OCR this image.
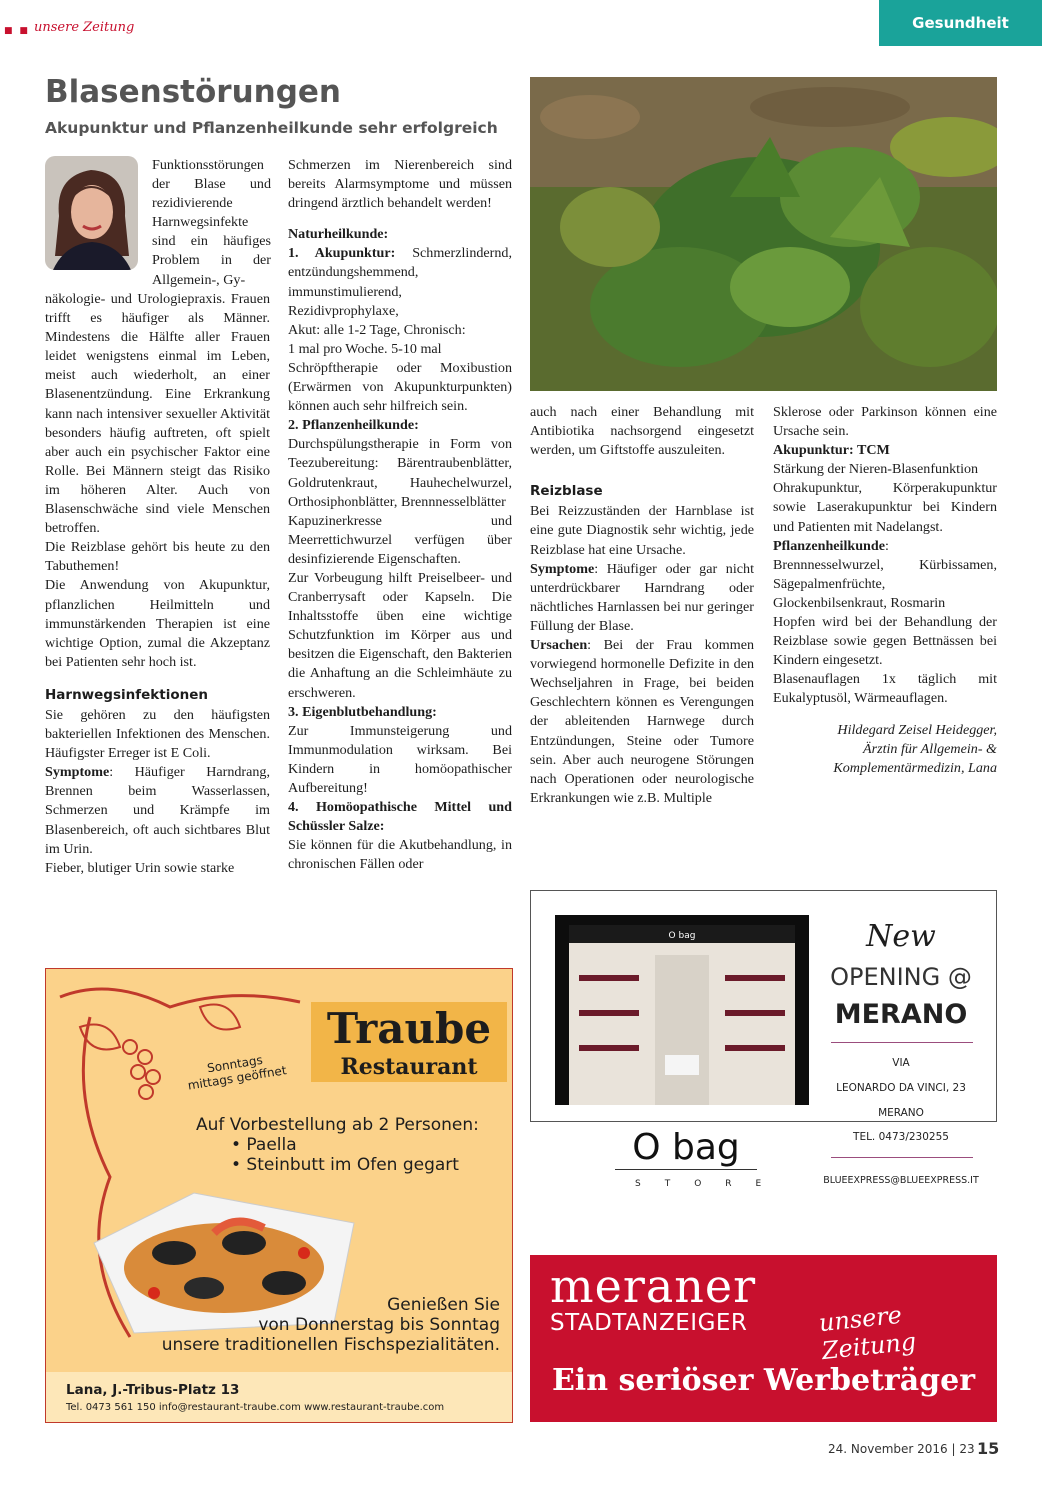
■ ■ unsere Zeitung	Gesundheit
Blasenstörungen
Akupunktur und Pflanzenheilkunde sehr erfolgreich

Funktionsstörungen der Blase und rezidivierende Harnwegsinfekte sind ein häufiges Problem in der Allgemein-, Gy-

näkologie- und Urologiepraxis. Frauen trifft es häufiger als Männer. Mindestens die Hälfte aller Frauen leidet wenigstens einmal im Leben, meist auch wiederholt, an einer Blasenentzündung. Eine Erkrankung kann nach intensiver sexueller Aktivität besonders häufig auftreten, oft spielt aber auch ein psychischer Faktor eine Rolle. Bei Männern steigt das Risiko im höheren Alter. Auch von Blasenschwäche sind viele Menschen betroffen.

Die Reizblase gehört bis heute zu den Tabuthemen!

Die Anwendung von Akupunktur, pflanzlichen Heilmitteln und immunstärkenden Therapien ist eine wichtige Option, zumal die Akzeptanz bei Patienten sehr hoch ist.

Harnwegsinfektionen

Sie gehören zu den häufigsten bakteriellen Infektionen des Menschen. Häufigster Erreger ist E Coli.

Symptome: Häufiger Harndrang, Brennen beim Wasserlassen, Schmerzen und Krämpfe im Blasenbereich, oft auch sichtbares Blut im Urin.

Fieber, blutiger Urin sowie starke

Schmerzen im Nierenbereich sind bereits Alarmsymptome und müssen dringend ärztlich behandelt werden!

Naturheilkunde:

1. Akupunktur: Schmerzlindernd, entzündungshemmend, immunstimulierend, Rezidivprophylaxe,

Akut: alle 1-2 Tage, Chronisch:

1 mal pro Woche. 5-10 mal

Schröpftherapie oder Moxibustion (Erwärmen von Akupunkturpunkten) können auch sehr hilfreich sein.

2. Pflanzenheilkunde:

Durchspülungstherapie in Form von Teezubereitung: Bärentraubenblätter, Goldrutenkraut, Hauhechelwurzel, Orthosiphonblätter, Brennnesselblätter

Kapuzinerkresse und Meerrettichwurzel verfügen über desinfizierende Eigenschaften.

Zur Vorbeugung hilft Preiselbeer- und Cranberrysaft oder Kapseln. Die Inhaltsstoffe üben eine wichtige Schutzfunktion im Körper aus und besitzen die Eigenschaft, den Bakterien die Anhaftung an die Schleimhäute zu erschweren.

3. Eigenblutbehandlung:

Zur Immunsteigerung und Immunmodulation wirksam. Bei Kindern in homöopathischer Aufbereitung!

4. Homöopathische Mittel und Schüssler Salze:

Sie können für die Akutbehandlung, in chronischen Fällen oder

auch nach einer Behandlung mit Antibiotika nachsorgend eingesetzt werden, um Giftstoffe auszuleiten.

Reizblase

Bei Reizzuständen der Harnblase ist eine gute Diagnostik sehr wichtig, jede Reizblase hat eine Ursache.

Symptome: Häufiger oder gar nicht unterdrückbarer Harndrang oder nächtliches Harnlassen bei nur geringer Füllung der Blase.

Ursachen: Bei der Frau kommen vorwiegend hormonelle Defizite in den Wechseljahren in Frage, bei beiden Geschlechtern können es Verengungen der ableitenden Harnwege durch Entzündungen, Steine oder Tumore sein. Aber auch neurogene Störungen nach Operationen oder neurologische Erkrankungen wie z.B. Multiple

Sklerose oder Parkinson können eine Ursache sein.

Akupunktur: TCM

Stärkung der Nieren-Blasenfunktion

Ohrakupunktur, Körperakupunktur sowie Laserakupunktur bei Kindern und Patienten mit Nadelangst.

Pflanzenheilkunde:

Brennnesselwurzel, Kürbissamen, Sägepalmenfrüchte, Glockenbilsenkraut, Rosmarin

Hopfen wird bei der Behandlung der Reizblase sowie gegen Bettnässen bei Kindern eingesetzt.

Blasenauflagen 1x täglich mit Eukalyptusöl, Wärmeauflagen.

Hildegard Zeisel Heidegger,
Ärztin für Allgemein- & Komplementärmedizin, Lana
Traube
Restaurant
Sonntags mittags geöffnet
Auf Vorbestellung ab 2 Personen:
• Paella
• Steinbutt im Ofen gegart
Genießen Sie
von Donnerstag bis Sonntag
unsere traditionellen Fischspezialitäten.
Lana, J.-Tribus-Platz 13
Tel. 0473 561 150 info@restaurant-traube.com www.restaurant-traube.com
O bag
O bag
STORE
New
OPENING @
MERANO
VIA
LEONARDO DA VINCI, 23
MERANO
TEL. 0473/230255
BLUEEXPRESS@BLUEEXPRESS.IT
meraner
STADTANZEIGER	unsere Zeitung
Ein seriöser Werbeträger
24. November 2016 | 23 15
